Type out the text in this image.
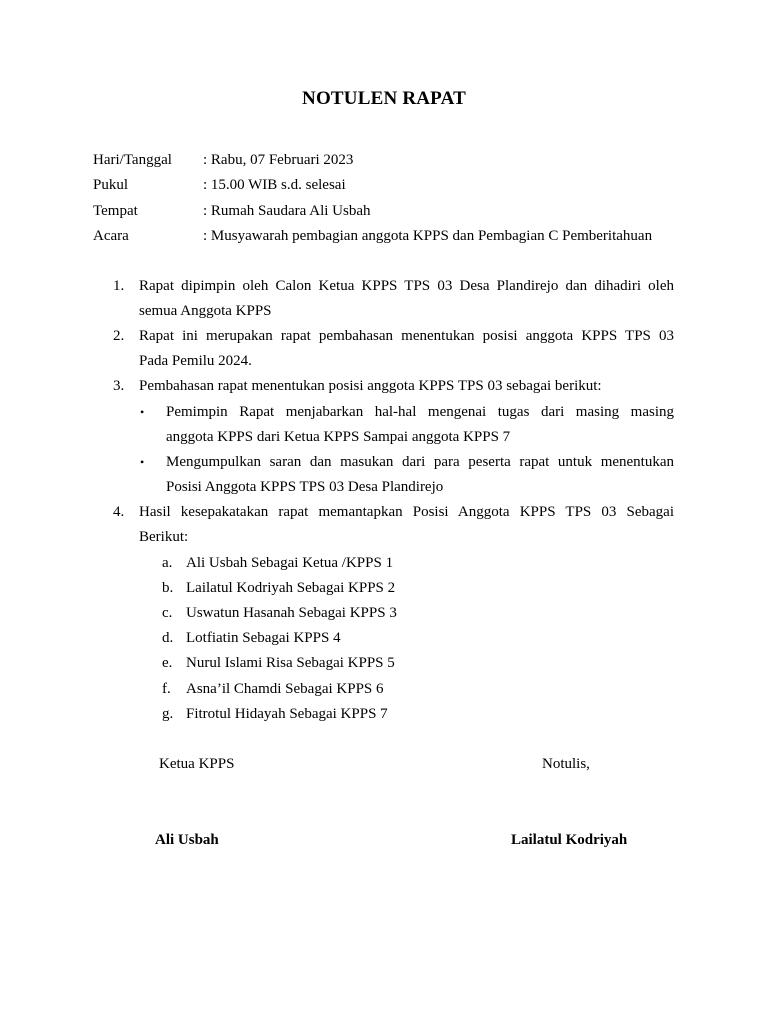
NOTULEN RAPAT
Hari/Tanggal	: Rabu, 07 Februari 2023
Pukul	: 15.00 WIB s.d. selesai
Tempat	: Rumah Saudara Ali Usbah
Acara	: Musyawarah pembagian anggota KPPS dan Pembagian C Pemberitahuan
1. Rapat dipimpin oleh Calon Ketua KPPS TPS 03 Desa Plandirejo dan dihadiri oleh
semua Anggota KPPS
2. Rapat ini merupakan rapat pembahasan menentukan posisi anggota KPPS TPS 03
Pada Pemilu 2024.
3. Pembahasan rapat menentukan posisi anggota KPPS TPS 03 sebagai berikut:
•	Pemimpin Rapat menjabarkan hal-hal mengenai tugas dari masing masing
anggota KPPS dari Ketua KPPS Sampai anggota KPPS 7
•	Mengumpulkan saran dan masukan dari para peserta rapat untuk menentukan
Posisi Anggota KPPS TPS 03 Desa Plandirejo
4. Hasil kesepakatakan rapat memantapkan Posisi Anggota KPPS TPS 03 Sebagai
Berikut:
a. Ali Usbah Sebagai Ketua /KPPS 1
b. Lailatul Kodriyah Sebagai KPPS 2
c. Uswatun Hasanah Sebagai KPPS 3
d. Lotfiatin Sebagai KPPS 4
e. Nurul Islami Risa Sebagai KPPS 5
f.	Asna’il Chamdi Sebagai KPPS 6
g. Fitrotul Hidayah Sebagai KPPS 7
Ketua KPPS	Notulis,
Ali Usbah	Lailatul Kodriyah
